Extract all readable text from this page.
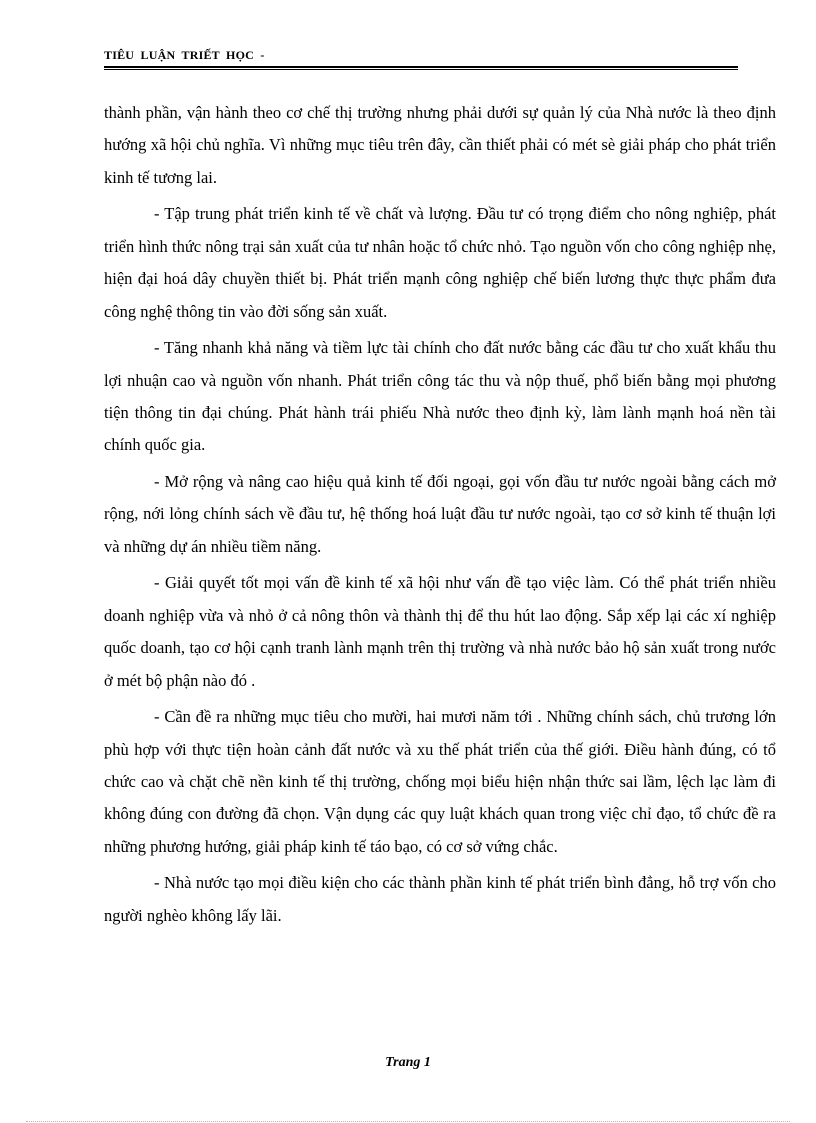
TIÊU  LUẬN  TRIẾT  HỌC  -

thành phần, vận hành theo cơ chế thị trường nhưng phải dưới sự quản lý của Nhà nước là theo định hướng xã hội chủ nghĩa. Vì những mục tiêu trên đây, cần thiết phải có mét sè giải pháp cho phát triển kinh tế tương lai.

- Tập trung phát triển kinh tế về chất và lượng. Đầu tư có trọng điểm cho nông nghiệp, phát triển hình thức nông trại sản xuất của tư nhân hoặc tổ chức nhỏ. Tạo nguồn vốn cho công nghiệp nhẹ, hiện đại hoá dây chuyền thiết bị. Phát triển mạnh công nghiệp chế biến lương thực thực phẩm đưa công nghệ thông tin vào đời sống sản xuất.

- Tăng nhanh khả năng và tiềm lực tài chính cho đất nước bằng các đầu tư cho xuất khẩu thu lợi nhuận cao và nguồn vốn nhanh. Phát triển công tác thu và nộp thuế, phổ biến bằng mọi phương tiện thông tin đại chúng. Phát hành trái phiếu Nhà nước theo định kỳ, làm lành mạnh hoá nền tài chính quốc gia.

- Mở rộng và nâng cao hiệu quả kinh tế đối ngoại, gọi vốn đầu tư nước ngoài bằng cách mở rộng, nới lỏng chính sách về đầu tư, hệ thống hoá luật đầu tư nước ngoài, tạo cơ sở kinh tế thuận lợi và những dự án nhiều tiềm năng.

- Giải quyết tốt mọi vấn đề kinh tế xã hội như vấn đề tạo việc làm. Có thể phát triển nhiều doanh nghiệp vừa và nhỏ ở cả nông thôn và thành thị để thu hút lao động. Sắp xếp lại các xí nghiệp quốc doanh, tạo cơ hội cạnh tranh lành mạnh trên thị trường và nhà nước bảo hộ sản xuất trong nước ở mét bộ phận nào đó .

- Cần đề ra những mục tiêu cho mười, hai mươi năm tới . Những chính sách, chủ trương lớn phù hợp với thực tiện hoàn cảnh đất nước và xu thế phát triển của thế giới. Điều hành đúng, có tổ chức cao và chặt chẽ nền kinh tế thị trường, chống mọi biểu hiện nhận thức sai lầm, lệch lạc làm đi không đúng con đường đã chọn. Vận dụng các quy luật khách quan trong việc chỉ đạo, tổ chức đề ra những phương hướng, giải pháp kinh tế táo bạo, có cơ sở vứng chắc.

- Nhà nước tạo mọi điều kiện cho các thành phần kinh tế phát triển bình đẳng, hỗ trợ vốn cho người nghèo không lấy lãi.

Trang 1
